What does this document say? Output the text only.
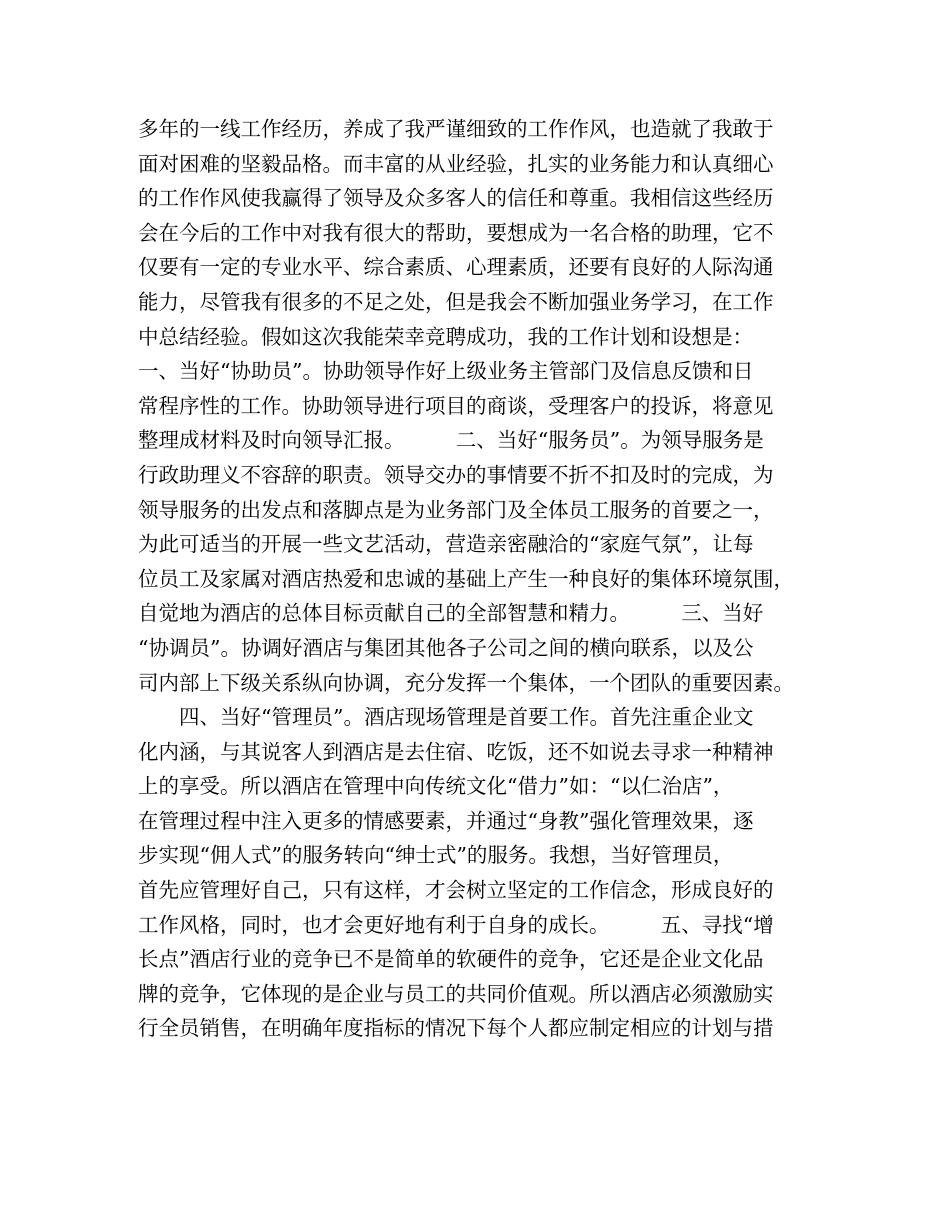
多年的一线工作经历，养成了我严谨细致的工作作风，也造就了我敢于
面对困难的坚毅品格。而丰富的从业经验，扎实的业务能力和认真细心
的工作作风使我赢得了领导及众多客人的信任和尊重。我相信这些经历
会在今后的工作中对我有很大的帮助，要想成为一名合格的助理，它不
仅要有一定的专业水平、综合素质、心理素质，还要有良好的人际沟通
能力，尽管我有很多的不足之处，但是我会不断加强业务学习，在工作
中总结经验。假如这次我能荣幸竞聘成功，我的工作计划和设想是：
一、当好“协助员”。协助领导作好上级业务主管部门及信息反馈和日
常程序性的工作。协助领导进行项目的商谈，受理客户的投诉，将意见
整理成材料及时向领导汇报。　　　二、当好“服务员”。为领导服务是
行政助理义不容辞的职责。领导交办的事情要不折不扣及时的完成，为
领导服务的出发点和落脚点是为业务部门及全体员工服务的首要之一，
为此可适当的开展一些文艺活动，营造亲密融洽的“家庭气氛”，让每
位员工及家属对酒店热爱和忠诚的基础上产生一种良好的集体环境氛围，
自觉地为酒店的总体目标贡献自己的全部智慧和精力。　　　三、当好
“协调员”。协调好酒店与集团其他各子公司之间的横向联系，以及公
司内部上下级关系纵向协调，充分发挥一个集体，一个团队的重要因素。
　　四、当好“管理员”。酒店现场管理是首要工作。首先注重企业文
化内涵，与其说客人到酒店是去住宿、吃饭，还不如说去寻求一种精神
上的享受。所以酒店在管理中向传统文化“借力”如：“以仁治店”，
在管理过程中注入更多的情感要素，并通过“身教”强化管理效果，逐
步实现“佣人式”的服务转向“绅士式”的服务。我想，当好管理员，
首先应管理好自己，只有这样，才会树立坚定的工作信念，形成良好的
工作风格，同时，也才会更好地有利于自身的成长。　　　五、寻找“增
长点”酒店行业的竞争已不是简单的软硬件的竞争，它还是企业文化品
牌的竞争，它体现的是企业与员工的共同价值观。所以酒店必须激励实
行全员销售，在明确年度指标的情况下每个人都应制定相应的计划与措
